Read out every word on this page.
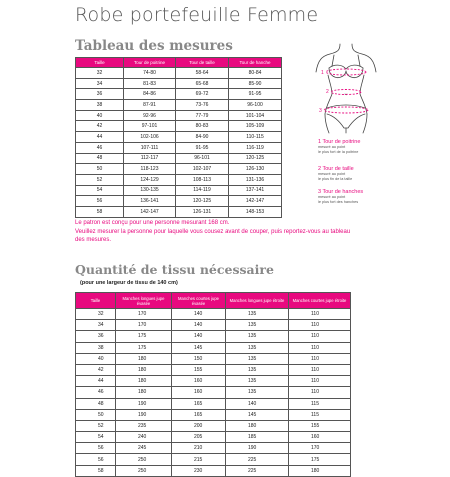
Robe portefeuille Femme
Tableau des mesures
Taille	Tour de poitrine	Tour de taille	Tour de hanche
32	74-80	58-64	80-84
34	81-83	65-68	85-90
36	84-86	69-72	91-95
38	87-91	73-76	96-100
40	92-96	77-79	101-104
42	97-101	80-83	105-109
44	102-106	84-90	110-115
46	107-111	91-95	116-119
48	112-117	96-101	120-125
50	118-123	102-107	126-130
52	124-129	108-113	131-136
54	130-135	114-119	137-141
56	136-141	120-125	142-147
58	142-147	126-131	148-153
1
2
3
1 Tour de poitrine
mesuré au point
le plus fort de la poitrine
2 Tour de taille
mesuré au point
le plus fin de la taille
3 Tour de hanches
mesuré au point
le plus fort des hanches

Le patron est conçu pour une personne mesurant 168 cm.

Veuillez mesurer la personne pour laquelle vous cousez avant de couper, puis reportez-vous au tableau

des mesures.

Quantité de tissu nécessaire
(pour une largeur de tissu de 140 cm)
Taille	Manches longues jupe évasée	Manches courtes jupe évasée	Manches longues jupe étroite	Manches courtes jupe étroite
32	170	140	135	110
34	170	140	135	110
36	175	140	135	110
38	175	145	135	110
40	180	150	135	110
42	180	155	135	110
44	180	160	135	110
46	180	160	135	110
48	190	165	140	115
50	190	165	145	115
52	235	200	180	155
54	240	205	185	160
56	245	210	190	170
56	250	215	225	175
58	250	230	225	180
